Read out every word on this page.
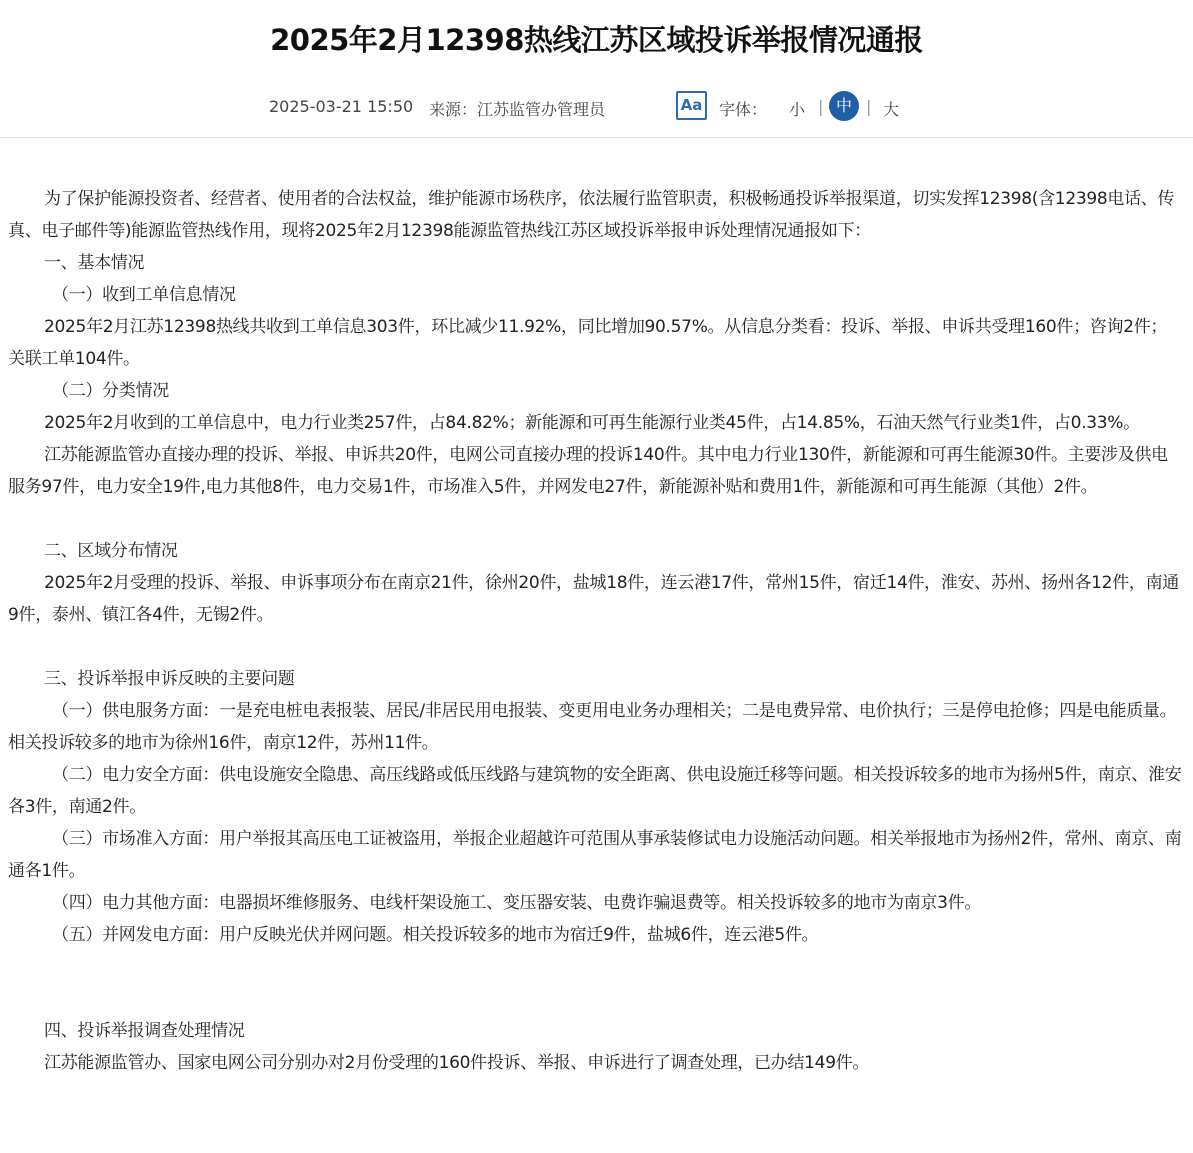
2025年2月12398热线江苏区域投诉举报情况通报
2025-03-21 15:50 来源：江苏监管办管理员	Aa 字体： 小 | 中 | 大

为了保护能源投资者、经营者、使用者的合法权益，维护能源市场秩序，依法履行监管职责，积极畅通投诉举报渠道，切实发挥12398(含12398电话、传真、电子邮件等)能源监管热线作用，现将2025年2月12398能源监管热线江苏区域投诉举报申诉处理情况通报如下：

一、基本情况

（一）收到工单信息情况

2025年2月江苏12398热线共收到工单信息303件，环比减少11.92%，同比增加90.57%。从信息分类看：投诉、举报、申诉共受理160件；咨询2件；关联工单104件。

（二）分类情况

2025年2月收到的工单信息中，电力行业类257件，占84.82%；新能源和可再生能源行业类45件，占14.85%，石油天然气行业类1件，占0.33%。

江苏能源监管办直接办理的投诉、举报、申诉共20件，电网公司直接办理的投诉140件。其中电力行业130件，新能源和可再生能源30件。主要涉及供电服务97件，电力安全19件,电力其他8件，电力交易1件，市场准入5件，并网发电27件，新能源补贴和费用1件，新能源和可再生能源（其他）2件。

二、区域分布情况

2025年2月受理的投诉、举报、申诉事项分布在南京21件，徐州20件，盐城18件，连云港17件，常州15件，宿迁14件，淮安、苏州、扬州各12件，南通9件，泰州、镇江各4件，无锡2件。

三、投诉举报申诉反映的主要问题

（一）供电服务方面：一是充电桩电表报装、居民/非居民用电报装、变更用电业务办理相关；二是电费异常、电价执行；三是停电抢修；四是电能质量。相关投诉较多的地市为徐州16件，南京12件，苏州11件。

（二）电力安全方面：供电设施安全隐患、高压线路或低压线路与建筑物的安全距离、供电设施迁移等问题。相关投诉较多的地市为扬州5件，南京、淮安各3件，南通2件。

（三）市场准入方面：用户举报其高压电工证被盗用，举报企业超越许可范围从事承装修试电力设施活动问题。相关举报地市为扬州2件，常州、南京、南通各1件。

（四）电力其他方面：电器损坏维修服务、电线杆架设施工、变压器安装、电费诈骗退费等。相关投诉较多的地市为南京3件。

（五）并网发电方面：用户反映光伏并网问题。相关投诉较多的地市为宿迁9件，盐城6件，连云港5件。

四、投诉举报调查处理情况

江苏能源监管办、国家电网公司分别办对2月份受理的160件投诉、举报、申诉进行了调查处理，已办结149件。
